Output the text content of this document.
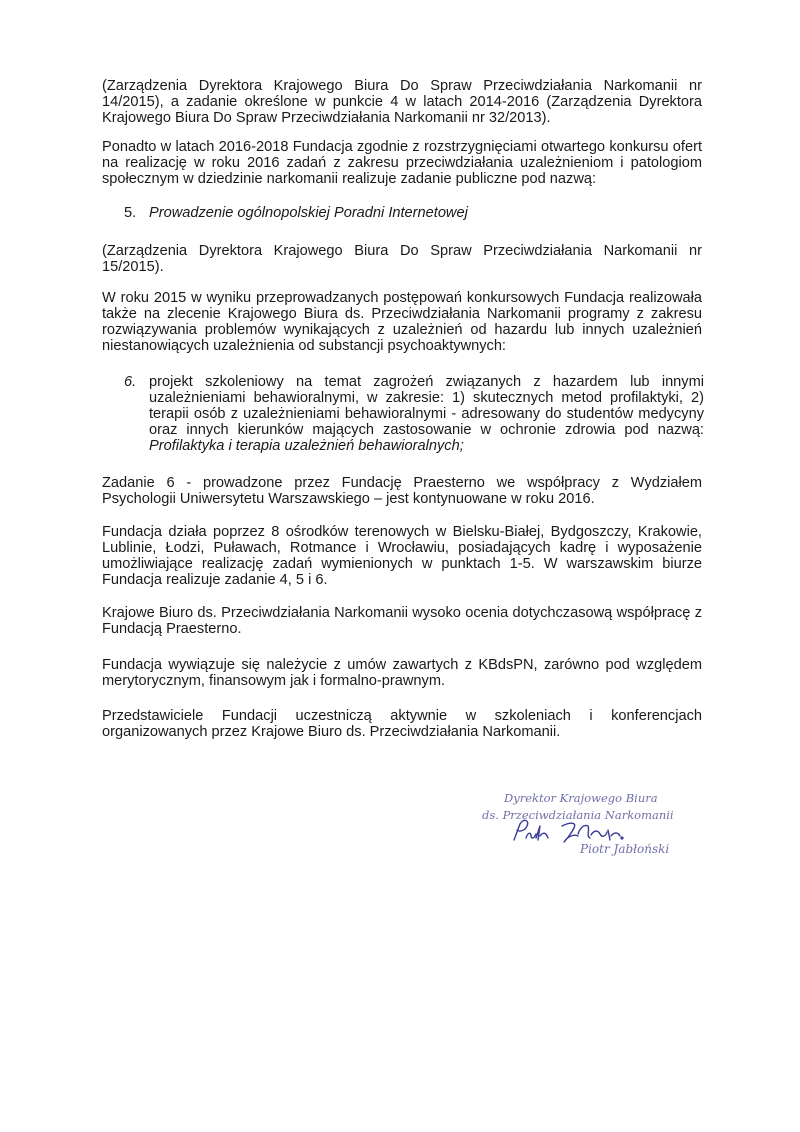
(Zarządzenia Dyrektora Krajowego Biura Do Spraw Przeciwdziałania Narkomanii nr 14/2015), a zadanie określone w punkcie 4 w latach 2014-2016 (Zarządzenia Dyrektora Krajowego Biura Do Spraw Przeciwdziałania Narkomanii nr 32/2013).

Ponadto w latach 2016-2018 Fundacja zgodnie z rozstrzygnięciami otwartego konkursu ofert na realizację w roku 2016 zadań z zakresu przeciwdziałania uzależnieniom i patologiom społecznym w dziedzinie narkomanii realizuje zadanie publiczne pod nazwą:

5. Prowadzenie ogólnopolskiej Poradni Internetowej

(Zarządzenia Dyrektora Krajowego Biura Do Spraw Przeciwdziałania Narkomanii nr 15/2015).

W roku 2015 w wyniku przeprowadzanych postępowań konkursowych Fundacja realizowała także na zlecenie Krajowego Biura ds. Przeciwdziałania Narkomanii programy z zakresu rozwiązywania problemów wynikających z uzależnień od hazardu lub innych uzależnień niestanowiących uzależnienia od substancji psychoaktywnych:

6. projekt szkoleniowy na temat zagrożeń związanych z hazardem lub innymi uzależnieniami behawioralnymi, w zakresie: 1) skutecznych metod profilaktyki, 2) terapii osób z uzależnieniami behawioralnymi - adresowany do studentów medycyny oraz innych kierunków mających zastosowanie w ochronie zdrowia pod nazwą: Profilaktyka i terapia uzależnień behawioralnych;

Zadanie 6 - prowadzone przez Fundację Praesterno we współpracy z Wydziałem Psychologii Uniwersytetu Warszawskiego – jest kontynuowane w roku 2016.

Fundacja działa poprzez 8 ośrodków terenowych w Bielsku-Białej, Bydgoszczy, Krakowie, Lublinie, Łodzi, Puławach, Rotmance i Wrocławiu, posiadających kadrę i wyposażenie umożliwiające realizację zadań wymienionych w punktach 1-5. W warszawskim biurze Fundacja realizuje zadanie 4, 5 i 6.

Krajowe Biuro ds. Przeciwdziałania Narkomanii wysoko ocenia dotychczasową współpracę z Fundacją Praesterno.

Fundacja wywiązuje się należycie z umów zawartych z KBdsPN, zarówno pod względem merytorycznym, finansowym jak i formalno-prawnym.

Przedstawiciele Fundacji uczestniczą aktywnie w szkoleniach i konferencjach organizowanych przez Krajowe Biuro ds. Przeciwdziałania Narkomanii.

Dyrektor Krajowego Biura
ds. Przeciwdziałania Narkomanii
Piotr Jabłoński
